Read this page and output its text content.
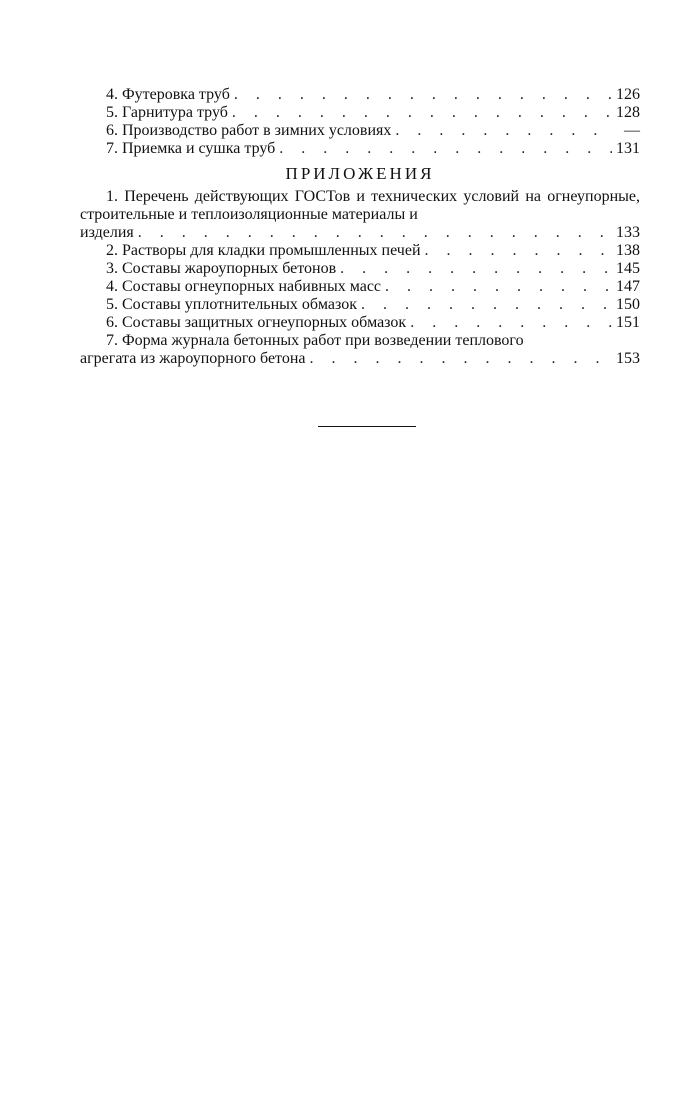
4. Футеровка труб . . .	126
5. Гарнитура труб . . .	128
6. Производство работ в зимних условиях . . .	—
7. Приемка и сушка труб . . .	131
ПРИЛОЖЕНИЯ
1. Перечень действующих ГОСТов и технических условий на огнеупорные, строительные и теплоизоляционные материалы и
изделия . . .	133
2. Растворы для кладки промышленных печей . . .	138
3. Составы жароупорных бетонов . . .	145
4. Составы огнеупорных набивных масс . . .	147
5. Составы уплотнительных обмазок . . .	150
6. Составы защитных огнеупорных обмазок . . .	151
7. Форма журнала бетонных работ при возведении теплового
агрегата из жароупорного бетона . . .	153
